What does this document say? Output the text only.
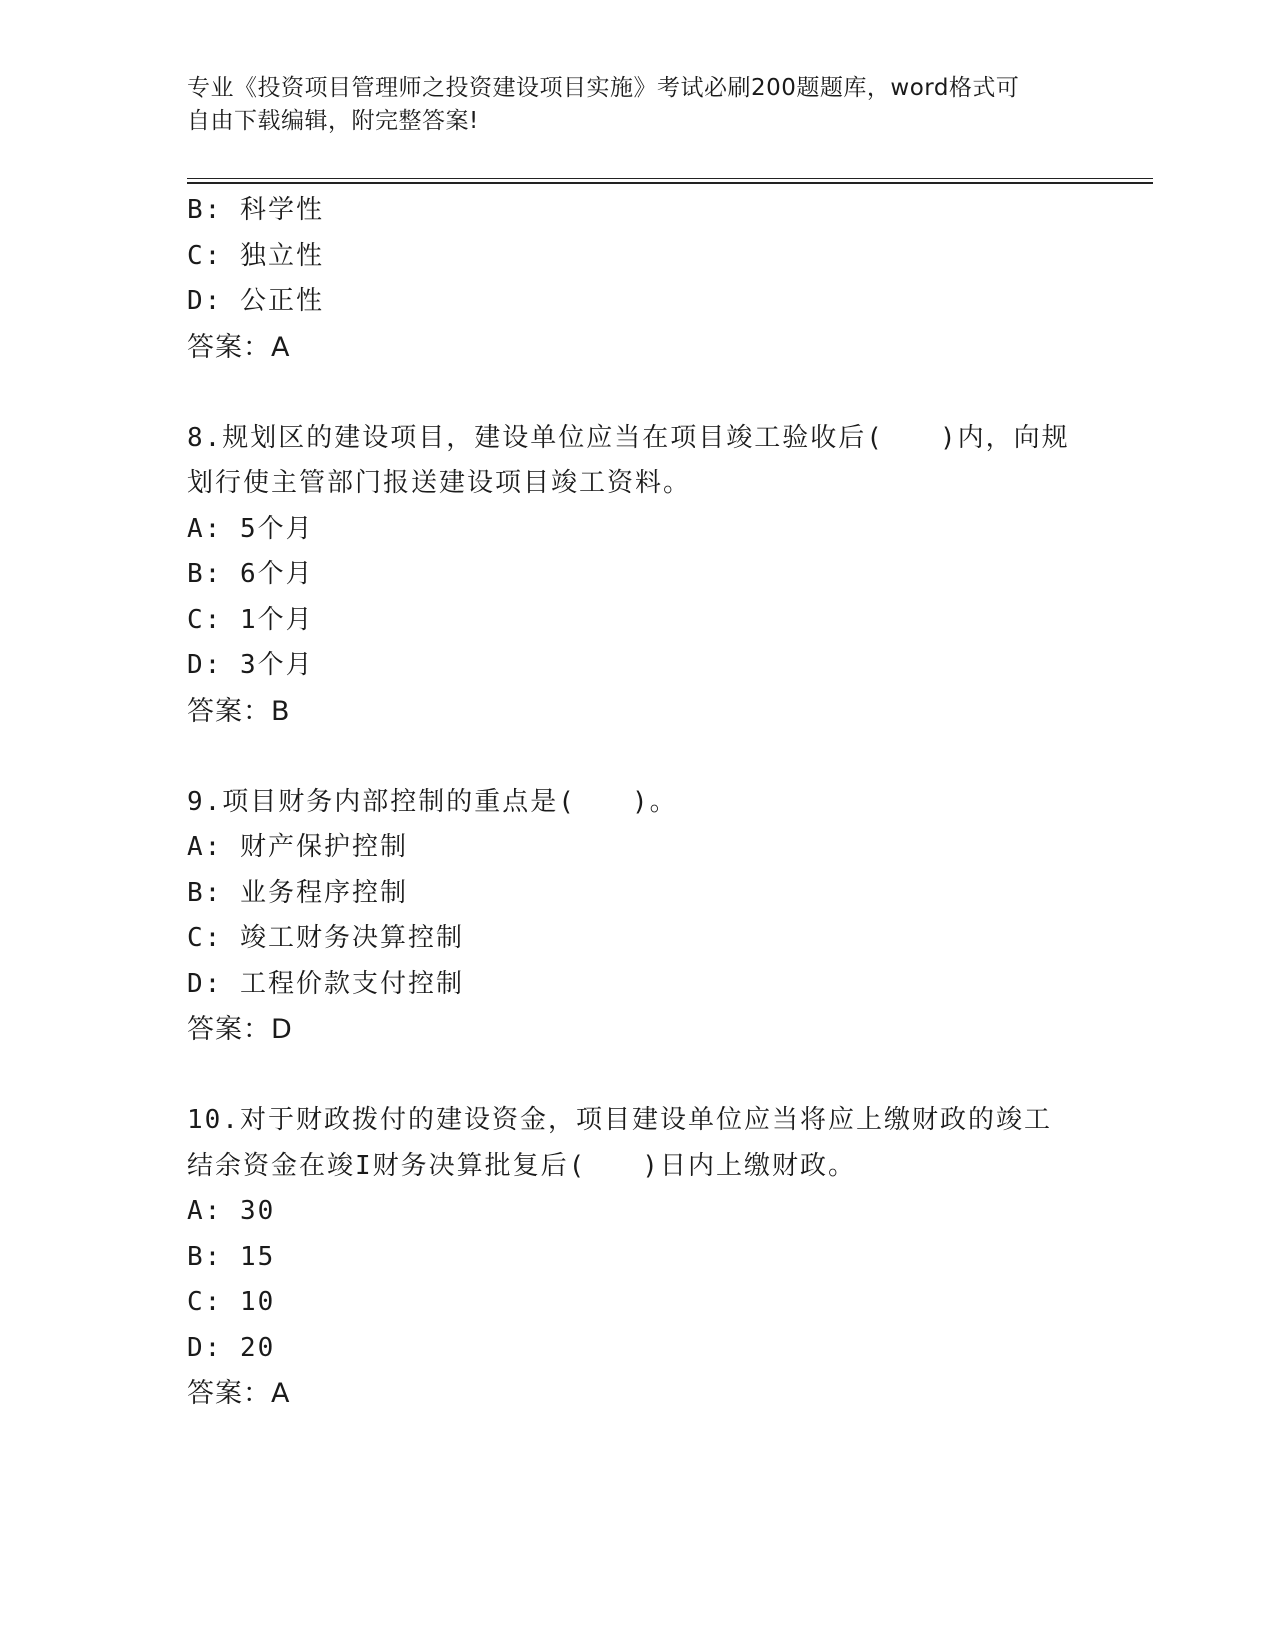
专业《投资项目管理师之投资建设项目实施》考试必刷200题题库，word格式可
自由下载编辑，附完整答案!
B: 科学性
C: 独立性
D: 公正性
答案：A
8.规划区的建设项目，建设单位应当在项目竣工验收后(　　)内，向规
划行使主管部门报送建设项目竣工资料。
A: 5个月
B: 6个月
C: 1个月
D: 3个月
答案：B
9.项目财务内部控制的重点是(　　)。
A: 财产保护控制
B: 业务程序控制
C: 竣工财务决算控制
D: 工程价款支付控制
答案：D
10.对于财政拨付的建设资金，项目建设单位应当将应上缴财政的竣工
结余资金在竣I财务决算批复后(　　)日内上缴财政。
A: 30
B: 15
C: 10
D: 20
答案：A
